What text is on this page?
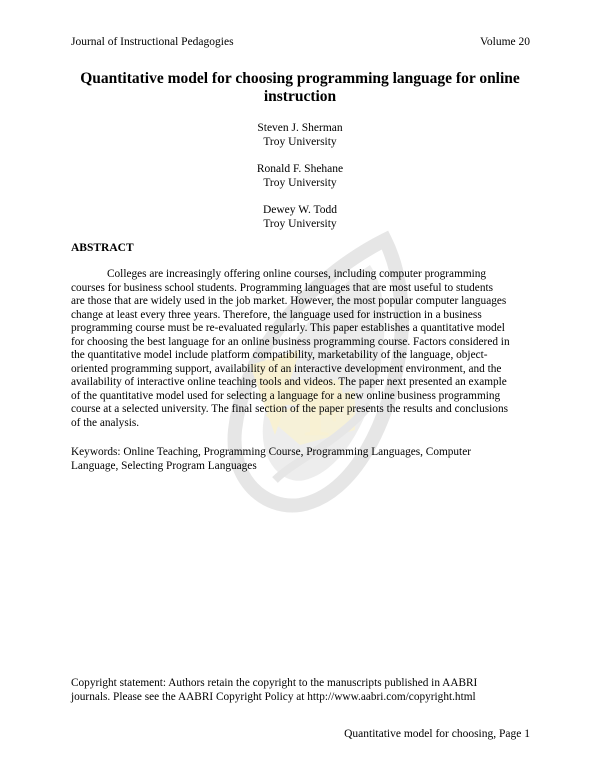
F
Journal of Instructional Pedagogies	Volume 20
Quantitative model for choosing programming language for online
instruction
Steven J. Sherman
Troy University
Ronald F. Shehane
Troy University
Dewey W. Todd
Troy University
ABSTRACT
Colleges are increasingly offering online courses, including computer programming
courses for business school students. Programming languages that are most useful to students
are those that are widely used in the job market. However, the most popular computer languages
change at least every three years. Therefore, the language used for instruction in a business
programming course must be re-evaluated regularly. This paper establishes a quantitative model
for choosing the best language for an online business programming course. Factors considered in
the quantitative model include platform compatibility, marketability of the language, object-
oriented programming support, availability of an interactive development environment, and the
availability of interactive online teaching tools and videos. The paper next presented an example
of the quantitative model used for selecting a language for a new online business programming
course at a selected university. The final section of the paper presents the results and conclusions
of the analysis.
Keywords: Online Teaching, Programming Course, Programming Languages, Computer
Language, Selecting Program Languages
Copyright statement: Authors retain the copyright to the manuscripts published in AABRI
journals. Please see the AABRI Copyright Policy at http://www.aabri.com/copyright.html
Quantitative model for choosing, Page 1
